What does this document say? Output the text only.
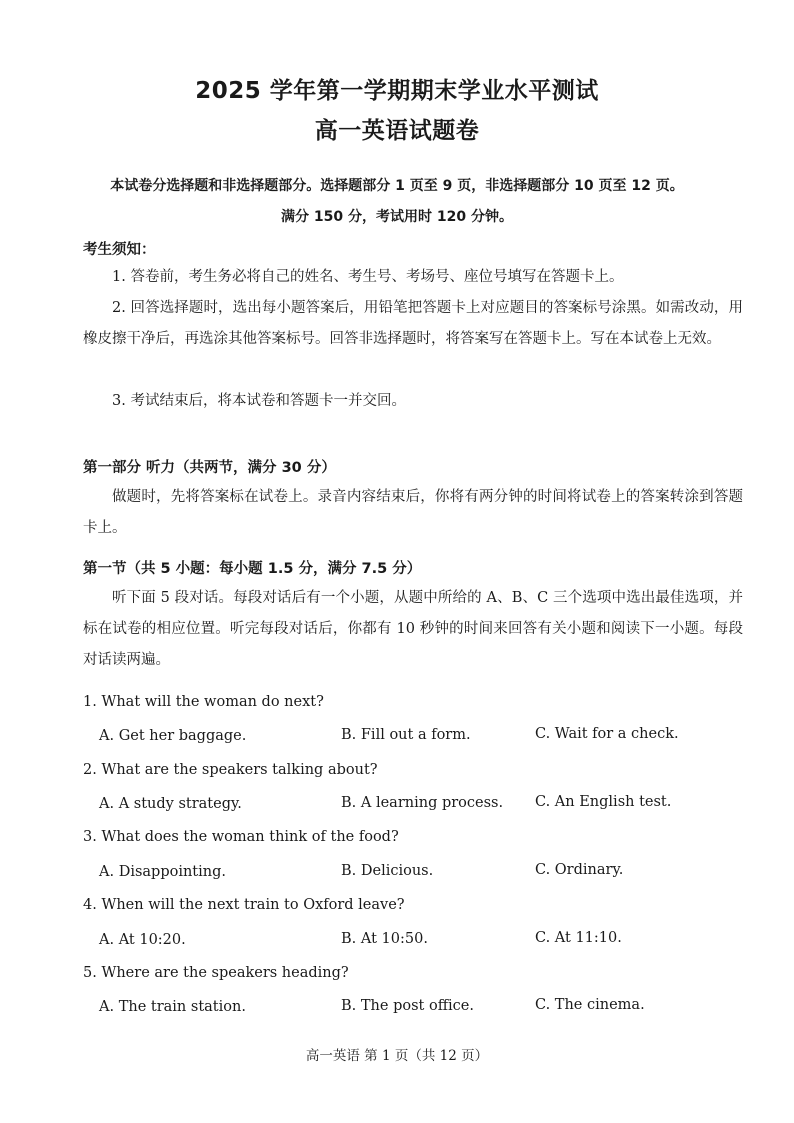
2025 学年第一学期期末学业水平测试
高一英语试题卷
本试卷分选择题和非选择题部分。选择题部分 1 页至 9 页，非选择题部分 10 页至 12 页。
满分 150 分，考试用时 120 分钟。
考生须知：
1. 答卷前，考生务必将自己的姓名、考生号、考场号、座位号填写在答题卡上。
2. 回答选择题时，选出每小题答案后，用铅笔把答题卡上对应题目的答案标号涂黑。如需改动，用橡皮擦干净后，再选涂其他答案标号。回答非选择题时，将答案写在答题卡上。写在本试卷上无效。
3. 考试结束后，将本试卷和答题卡一并交回。
第一部分 听力（共两节，满分 30 分）
做题时，先将答案标在试卷上。录音内容结束后，你将有两分钟的时间将试卷上的答案转涂到答题卡上。
第一节（共 5 小题：每小题 1.5 分，满分 7.5 分）
听下面 5 段对话。每段对话后有一个小题，从题中所给的 A、B、C 三个选项中选出最佳选项，并标在试卷的相应位置。听完每段对话后，你都有 10 秒钟的时间来回答有关小题和阅读下一小题。每段对话读两遍。
1. What will the woman do next?
A. Get her baggage.	B. Fill out a form.	C. Wait for a check.
2. What are the speakers talking about?
A. A study strategy.	B. A learning process. C. An English test.
3. What does the woman think of the food?
A. Disappointing.	B. Delicious.	C. Ordinary.
4. When will the next train to Oxford leave?
A. At 10:20.	B. At 10:50.	C. At 11:10.
5. Where are the speakers heading?
A. The train station.	B. The post office.	C. The cinema.
高一英语 第 1 页（共 12 页）
